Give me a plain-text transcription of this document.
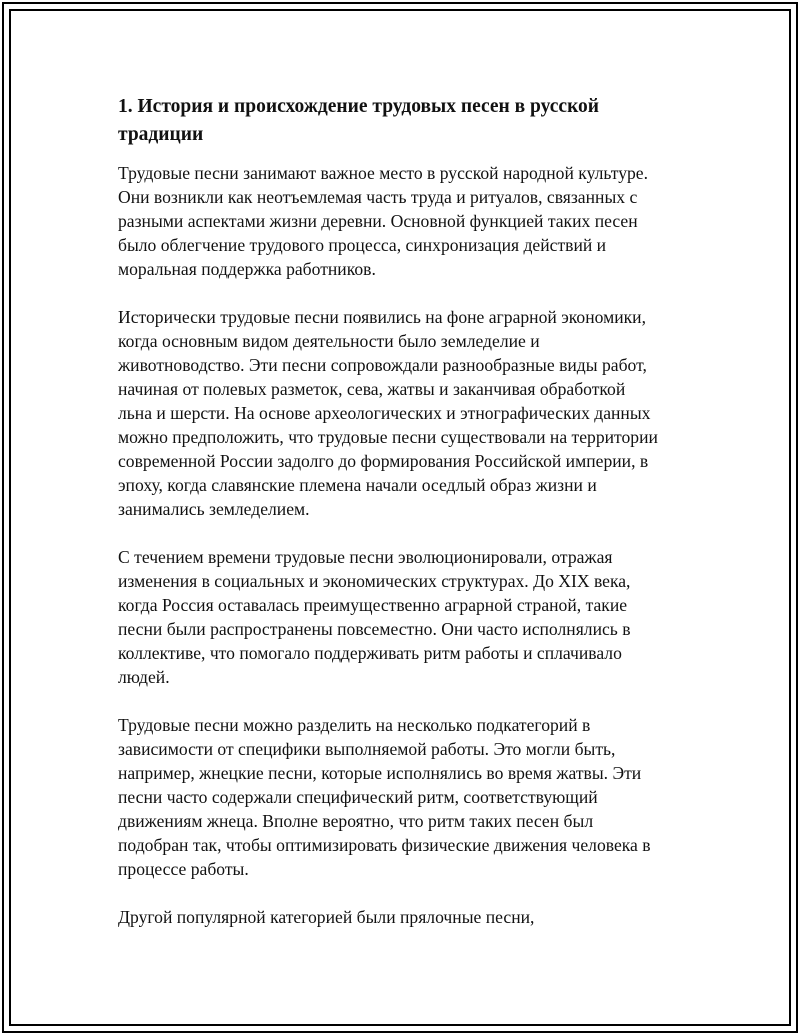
1. История и происхождение трудовых песен в русской
традиции

Трудовые песни занимают важное место в русской народной культуре.
Они возникли как неотъемлемая часть труда и ритуалов, связанных с
разными аспектами жизни деревни. Основной функцией таких песен
было облегчение трудового процесса, синхронизация действий и
моральная поддержка работников.

Исторически трудовые песни появились на фоне аграрной экономики,
когда основным видом деятельности было земледелие и
животноводство. Эти песни сопровождали разнообразные виды работ,
начиная от полевых разметок, сева, жатвы и заканчивая обработкой
льна и шерсти. На основе археологических и этнографических данных
можно предположить, что трудовые песни существовали на территории
современной России задолго до формирования Российской империи, в
эпоху, когда славянские племена начали оседлый образ жизни и
занимались земледелием.

С течением времени трудовые песни эволюционировали, отражая
изменения в социальных и экономических структурах. До XIX века,
когда Россия оставалась преимущественно аграрной страной, такие
песни были распространены повсеместно. Они часто исполнялись в
коллективе, что помогало поддерживать ритм работы и сплачивало
людей.

Трудовые песни можно разделить на несколько подкатегорий в
зависимости от специфики выполняемой работы. Это могли быть,
например, жнецкие песни, которые исполнялись во время жатвы. Эти
песни часто содержали специфический ритм, соответствующий
движениям жнеца. Вполне вероятно, что ритм таких песен был
подобран так, чтобы оптимизировать физические движения человека в
процессе работы.

Другой популярной категорией были прялочные песни,
